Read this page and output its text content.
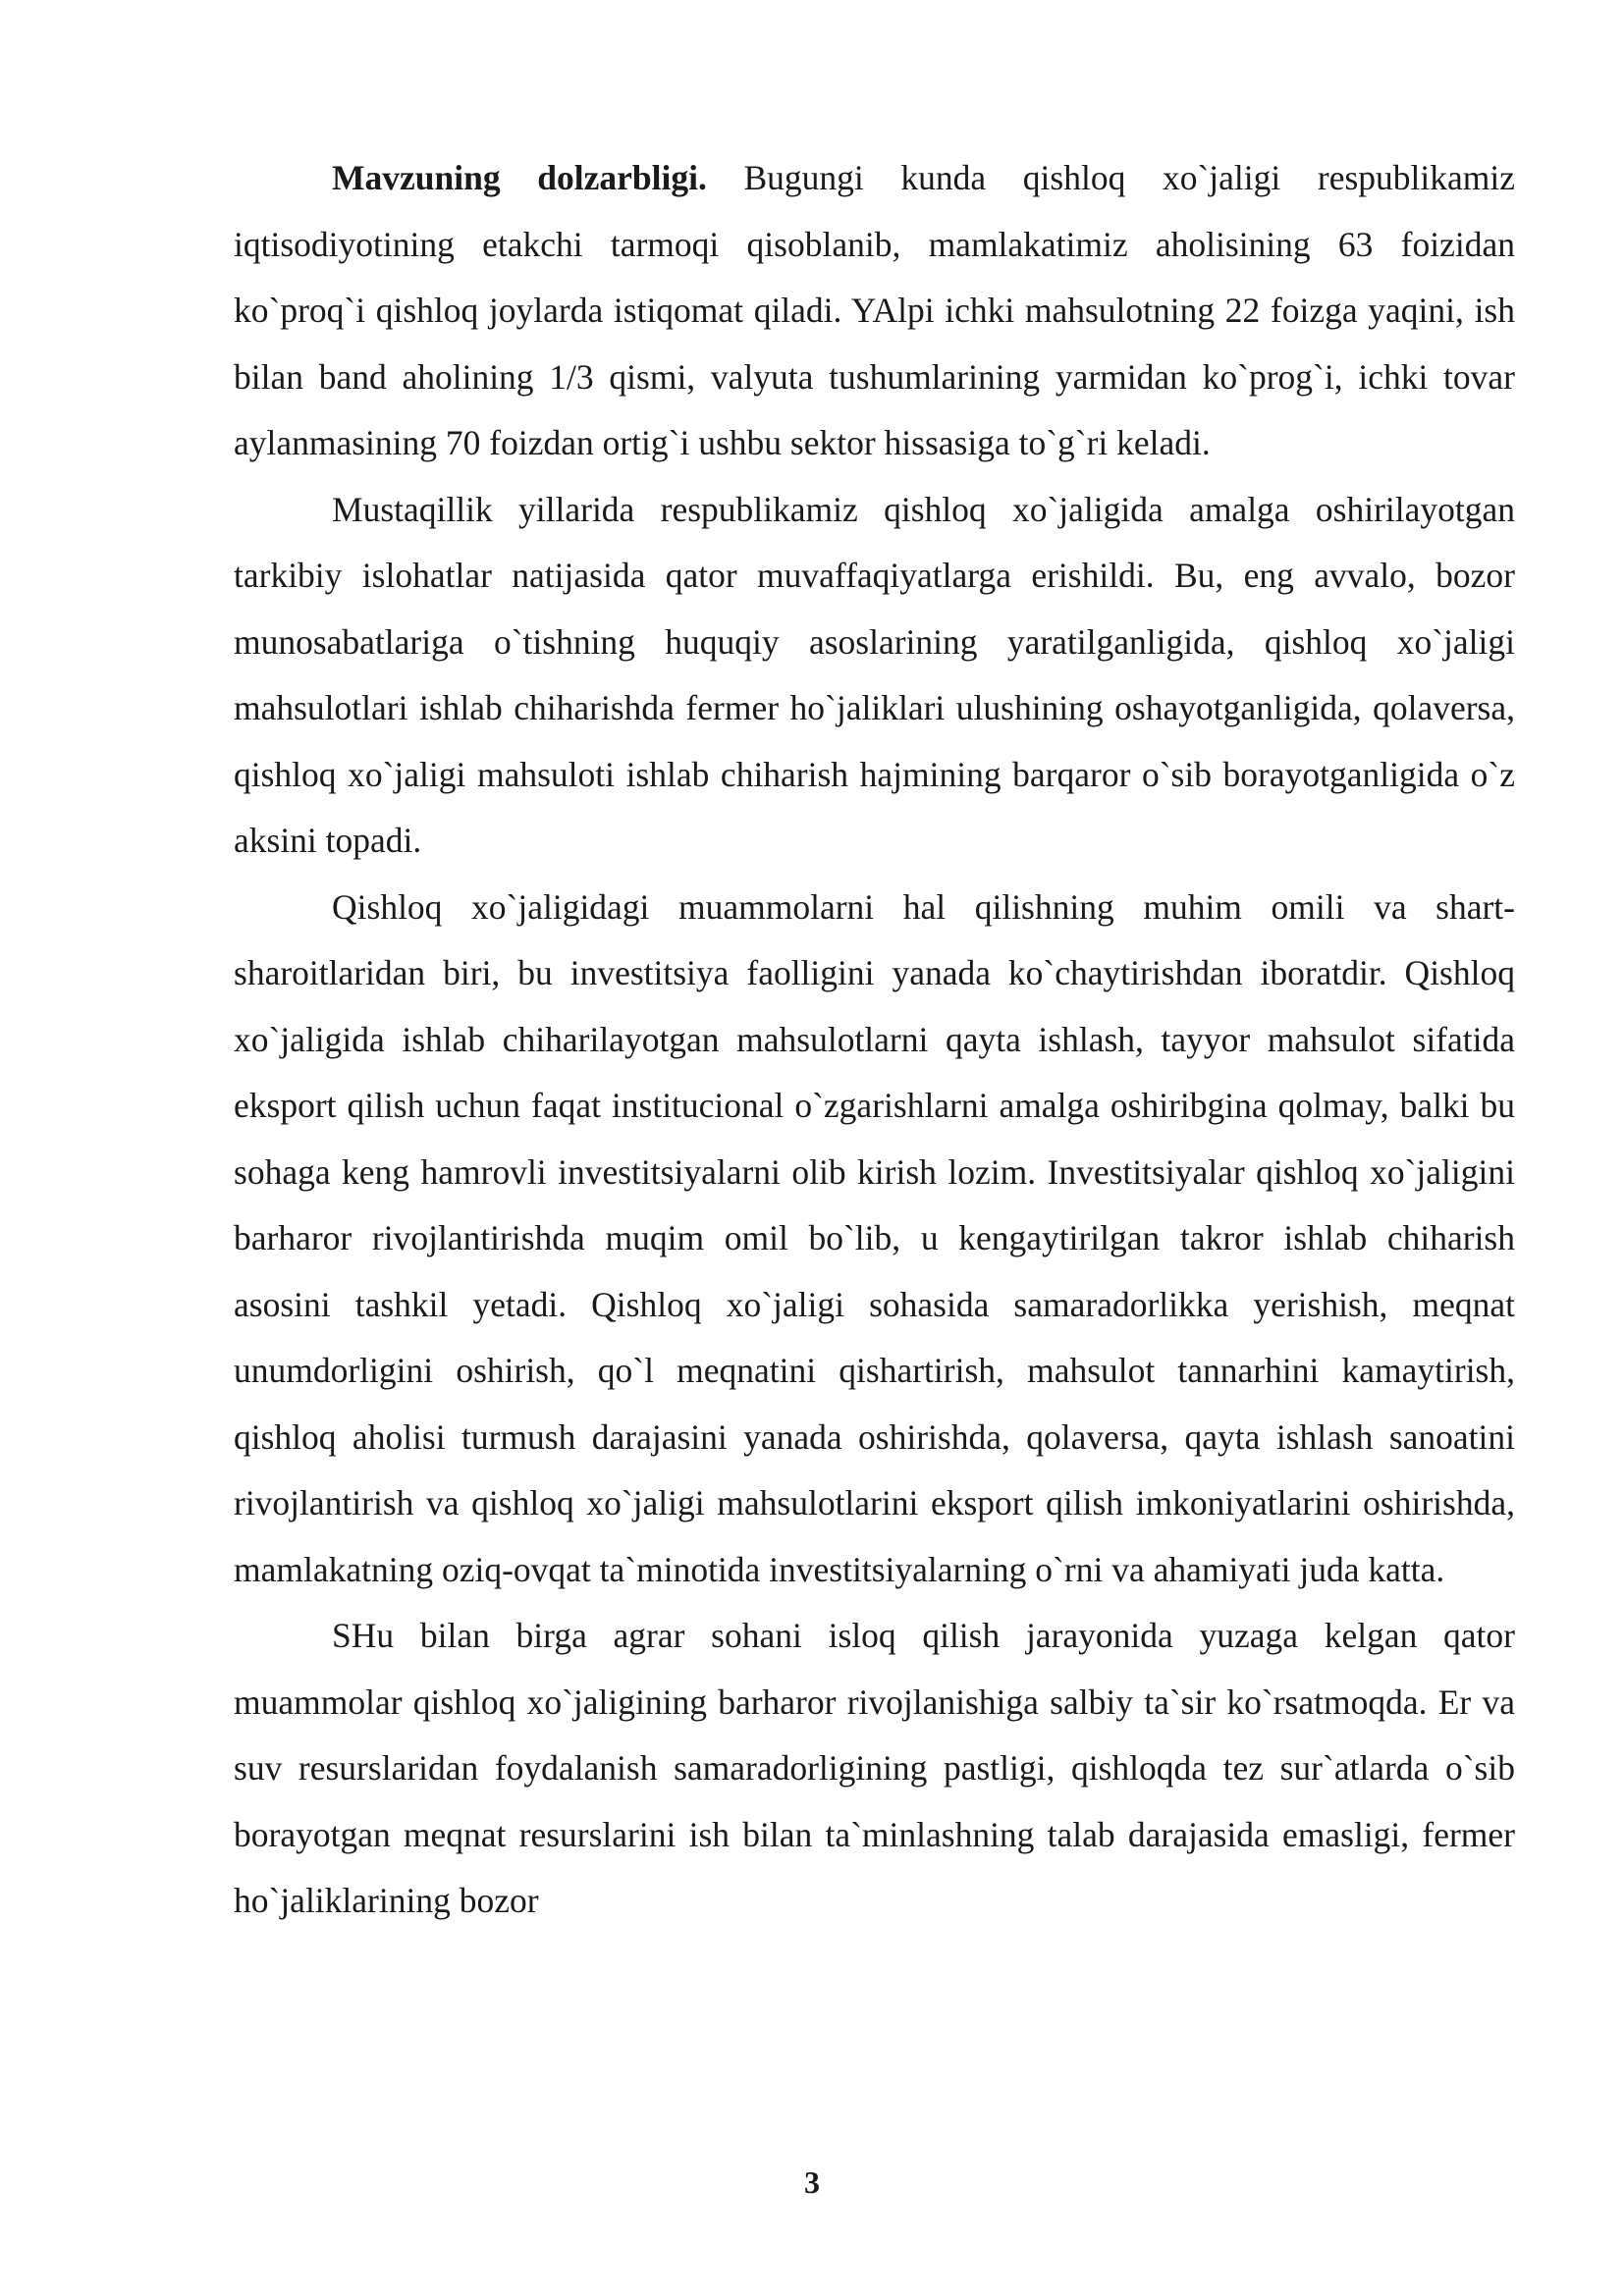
Mavzuning dolzarbligi. Bugungi kunda qishloq xo`jaligi respublikamiz iqtisodiyotining etakchi tarmoqi qisoblanib, mamlakatimiz aholisining 63 foizidan ko`proq`i qishloq joylarda istiqomat qiladi. YAlpi ichki mahsulotning 22 foizga yaqini, ish bilan band aholining 1/3 qismi, valyuta tushumlarining yarmidan ko`prog`i, ichki tovar aylanmasining 70 foizdan ortig`i ushbu sektor hissasiga to`g`ri keladi.

Mustaqillik yillarida respublikamiz qishloq xo`jaligida amalga oshirilayotgan tarkibiy islohatlar natijasida qator muvaffaqiyatlarga erishildi. Bu, eng avvalo, bozor munosabatlariga o`tishning huquqiy asoslarining yaratilganligida, qishloq xo`jaligi mahsulotlari ishlab chiharishda fermer ho`jaliklari ulushining oshayotganligida, qolaversa, qishloq xo`jaligi mahsuloti ishlab chiharish hajmining barqaror o`sib borayotganligida o`z aksini topadi.

Qishloq xo`jaligidagi muammolarni hal qilishning muhim omili va shart-sharoitlaridan biri, bu investitsiya faolligini yanada ko`chaytirishdan iboratdir. Qishloq xo`jaligida ishlab chiharilayotgan mahsulotlarni qayta ishlash, tayyor mahsulot sifatida eksport qilish uchun faqat institucional o`zgarishlarni amalga oshiribgina qolmay, balki bu sohaga keng hamrovli investitsiyalarni olib kirish lozim. Investitsiyalar qishloq xo`jaligini barharor rivojlantirishda muqim omil bo`lib, u kengaytirilgan takror ishlab chiharish asosini tashkil yetadi. Qishloq xo`jaligi sohasida samaradorlikka yerishish, meqnat unumdorligini oshirish, qo`l meqnatini qishartirish, mahsulot tannarhini kamaytirish, qishloq aholisi turmush darajasini yanada oshirishda, qolaversa, qayta ishlash sanoatini rivojlantirish va qishloq xo`jaligi mahsulotlarini eksport qilish imkoniyatlarini oshirishda, mamlakatning oziq-ovqat ta`minotida investitsiyalarning o`rni va ahamiyati juda katta.

SHu bilan birga agrar sohani isloq qilish jarayonida yuzaga kelgan qator muammolar qishloq xo`jaligining barharor rivojlanishiga salbiy ta`sir ko`rsatmoqda. Er va suv resurslaridan foydalanish samaradorligining pastligi, qishloqda tez sur`atlarda o`sib borayotgan meqnat resurslarini ish bilan ta`minlashning talab darajasida emasligi, fermer ho`jaliklarining bozor

3
